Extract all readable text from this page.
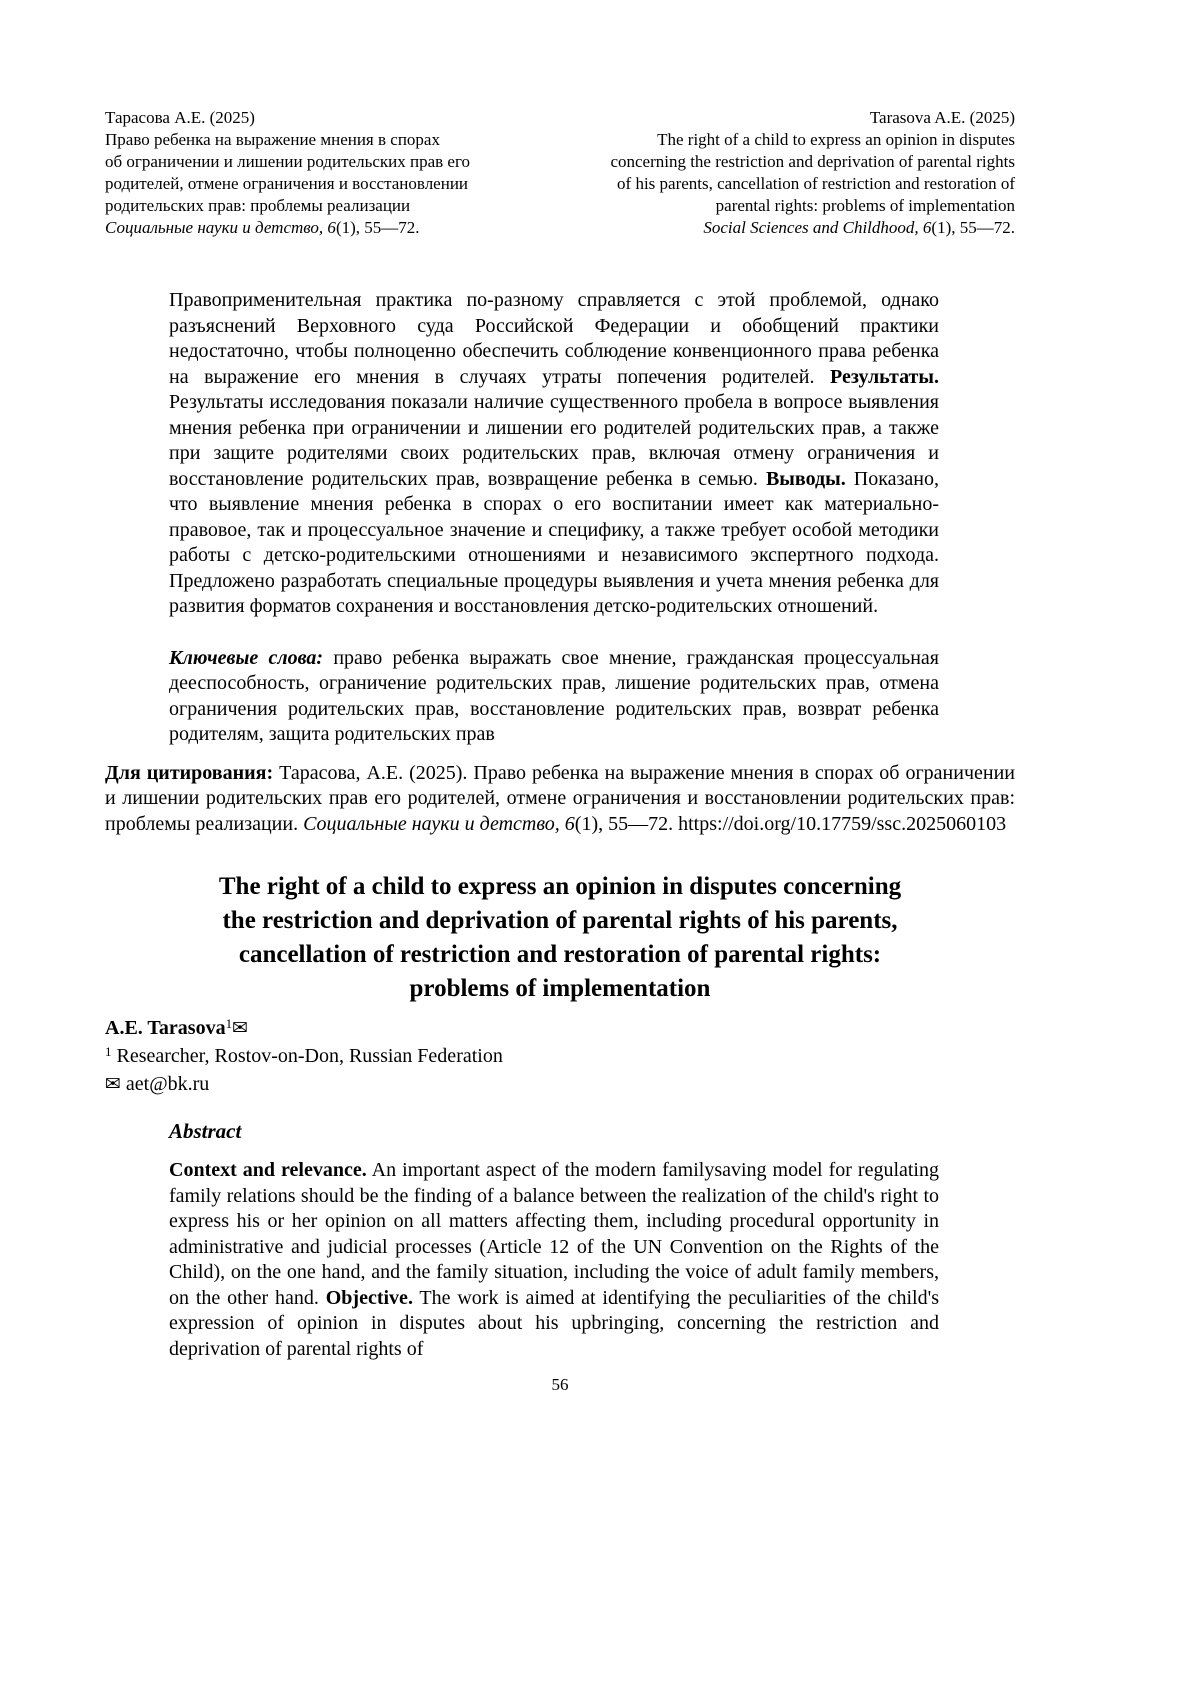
Тарасова А.Е. (2025)
Право ребенка на выражение мнения в спорах
об ограничении и лишении родительских прав его
родителей, отмене ограничения и восстановлении
родительских прав: проблемы реализации
Социальные науки и детство, 6(1), 55—72.
Tarasova A.E. (2025)
The right of a child to express an opinion in disputes
concerning the restriction and deprivation of parental rights
of his parents, cancellation of restriction and restoration of
parental rights: problems of implementation
Social Sciences and Childhood, 6(1), 55—72.

Правоприменительная практика по-разному справляется с этой проблемой, однако разъяснений Верховного суда Российской Федерации и обобщений практики недостаточно, чтобы полноценно обеспечить соблюдение конвенционного права ребенка на выражение его мнения в случаях утраты попечения родителей. Результаты. Результаты исследования показали наличие существенного пробела в вопросе выявления мнения ребенка при ограничении и лишении его родителей родительских прав, а также при защите родителями своих родительских прав, включая отмену ограничения и восстановление родительских прав, возвращение ребенка в семью. Выводы. Показано, что выявление мнения ребенка в спорах о его воспитании имеет как материально-правовое, так и процессуальное значение и специфику, а также требует особой методики работы с детско-родительскими отношениями и независимого экспертного подхода. Предложено разработать специальные процедуры выявления и учета мнения ребенка для развития форматов сохранения и восстановления детско-родительских отношений.

Ключевые слова: право ребенка выражать свое мнение, гражданская процессуальная дееспособность, ограничение родительских прав, лишение родительских прав, отмена ограничения родительских прав, восстановление родительских прав, возврат ребенка родителям, защита родительских прав

Для цитирования: Тарасова, А.Е. (2025). Право ребенка на выражение мнения в спорах об ограничении и лишении родительских прав его родителей, отмене ограничения и восстановлении родительских прав: проблемы реализации. Социальные науки и детство, 6(1), 55—72. https://doi.org/10.17759/ssc.2025060103

The right of a child to express an opinion in disputes concerning
the restriction and deprivation of parental rights of his parents,
cancellation of restriction and restoration of parental rights:
problems of implementation
A.E. Tarasova$^1$✉
$^1$ Researcher, Rostov-on-Don, Russian Federation
✉ aet@bk.ru
Abstract

Context and relevance. An important aspect of the modern familysaving model for regulating family relations should be the finding of a balance between the realization of the child's right to express his or her opinion on all matters affecting them, including procedural opportunity in administrative and judicial processes (Article 12 of the UN Convention on the Rights of the Child), on the one hand, and the family situation, including the voice of adult family members, on the other hand. Objective. The work is aimed at identifying the peculiarities of the child's expression of opinion in disputes about his upbringing, concerning the restriction and deprivation of parental rights of

56
